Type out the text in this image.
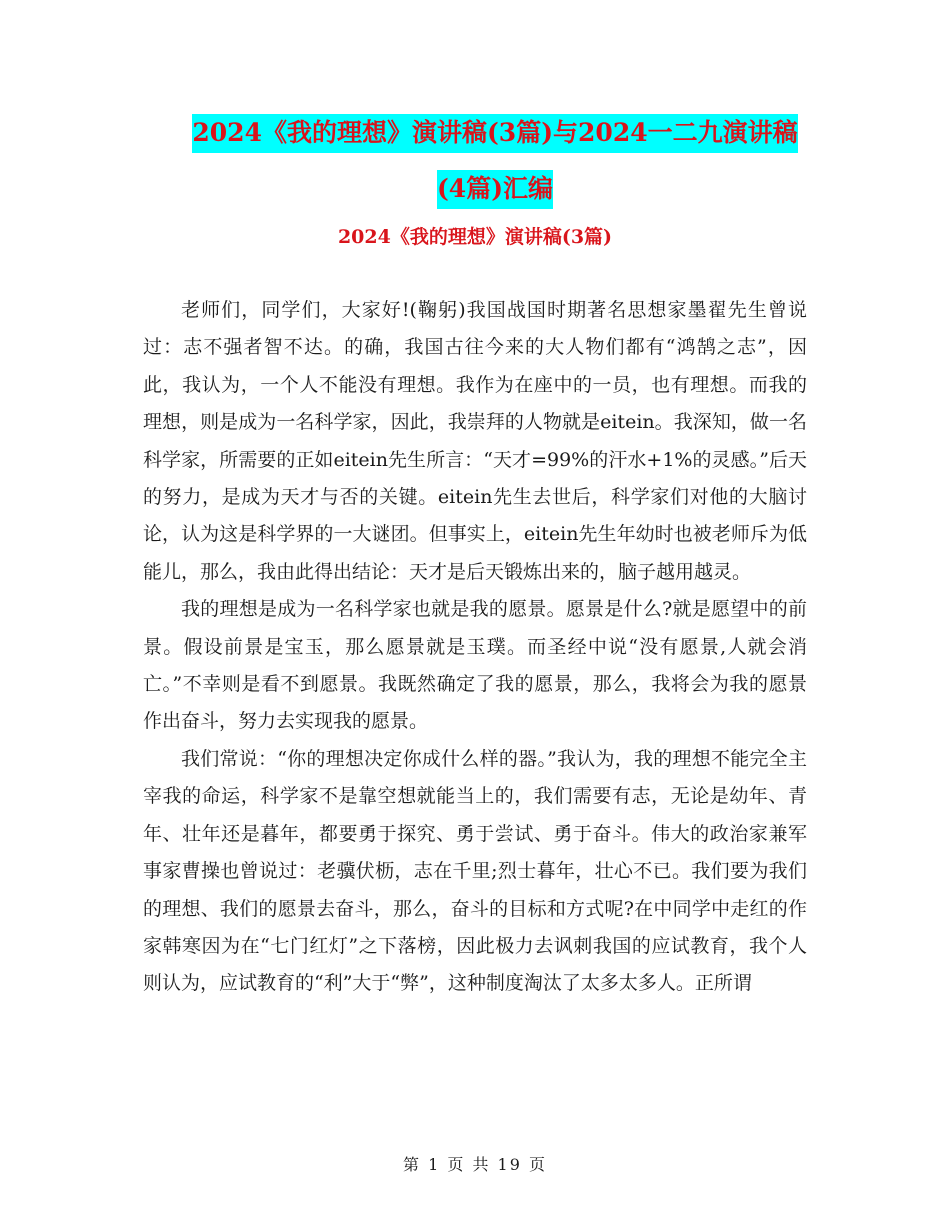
2024《我的理想》演讲稿(3篇)与2024一二九演讲稿
(4篇)汇编
2024《我的理想》演讲稿(3篇)

老师们，同学们，大家好!(鞠躬)我国战国时期著名思想家墨翟先生曾说过：志不强者智不达。的确，我国古往今来的大人物们都有“鸿鹄之志”，因此，我认为，一个人不能没有理想。我作为在座中的一员，也有理想。而我的理想，则是成为一名科学家，因此，我崇拜的人物就是eitein。我深知，做一名科学家，所需要的正如eitein先生所言：“天才=99%的汗水+1%的灵感。”后天的努力，是成为天才与否的关键。eitein先生去世后，科学家们对他的大脑讨论，认为这是科学界的一大谜团。但事实上，eitein先生年幼时也被老师斥为低能儿，那么，我由此得出结论：天才是后天锻炼出来的，脑子越用越灵。

我的理想是成为一名科学家也就是我的愿景。愿景是什么?就是愿望中的前景。假设前景是宝玉，那么愿景就是玉璞。而圣经中说“没有愿景,人就会消亡。”不幸则是看不到愿景。我既然确定了我的愿景，那么，我将会为我的愿景作出奋斗，努力去实现我的愿景。

我们常说：“你的理想决定你成什么样的器。”我认为，我的理想不能完全主宰我的命运，科学家不是靠空想就能当上的，我们需要有志，无论是幼年、青年、壮年还是暮年，都要勇于探究、勇于尝试、勇于奋斗。伟大的政治家兼军事家曹操也曾说过：老骥伏枥，志在千里;烈士暮年，壮心不已。我们要为我们的理想、我们的愿景去奋斗，那么，奋斗的目标和方式呢?在中同学中走红的作家韩寒因为在“七门红灯”之下落榜，因此极力去讽刺我国的应试教育，我个人则认为，应试教育的“利”大于“弊”，这种制度淘汰了太多太多人。正所谓

第 1 页 共 19 页
